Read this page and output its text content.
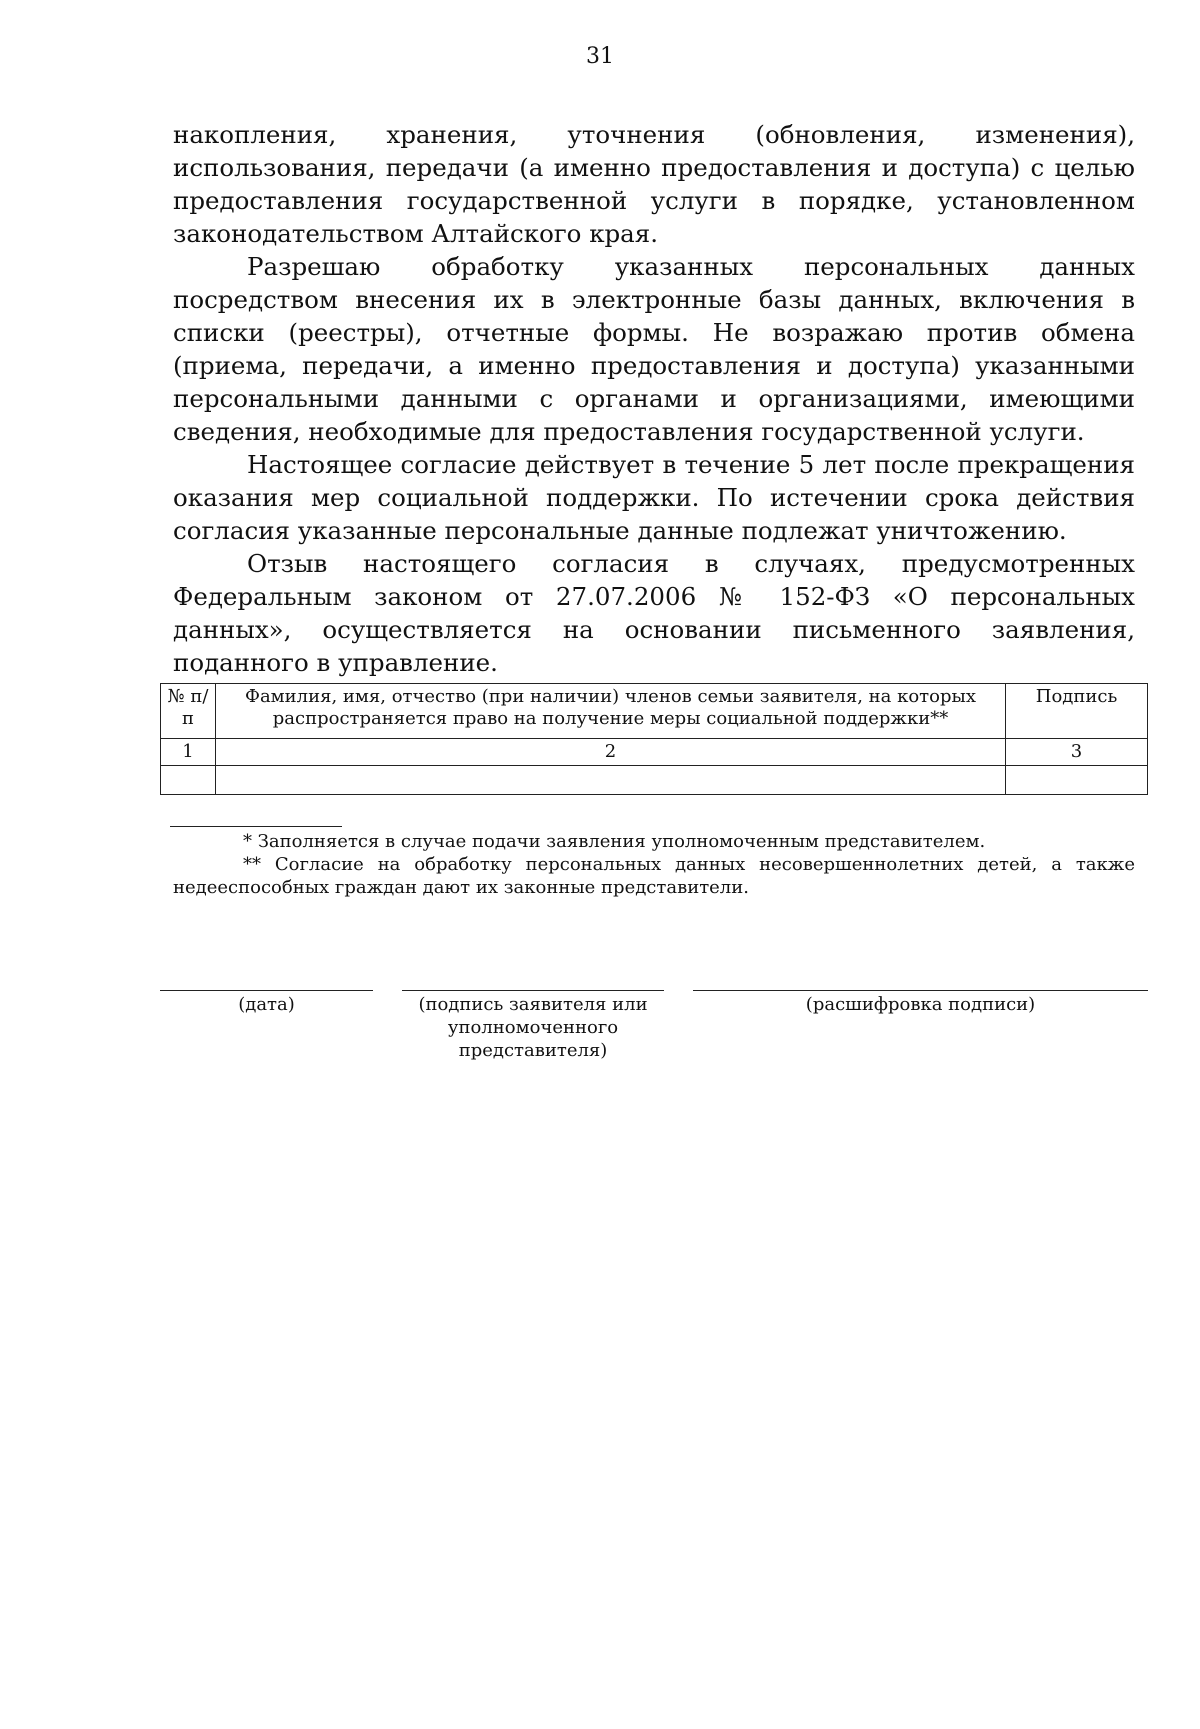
31

накопления, хранения, уточнения (обновления, изменения), использования, передачи (а именно предоставления и доступа) с целью предоставления государственной услуги в порядке, установленном законодательством Алтайского края.

Разрешаю обработку указанных персональных данных посредством внесения их в электронные базы данных, включения в списки (реестры), отчетные формы. Не возражаю против обмена (приема, передачи, а именно предоставления и доступа) указанными персональными данными с органами и организациями, имеющими сведения, необходимые для предоставления государственной услуги.

Настоящее согласие действует в течение 5 лет после прекращения оказания мер социальной поддержки. По истечении срока действия согласия указанные персональные данные подлежат уничтожению.

Отзыв настоящего согласия в случаях, предусмотренных Федеральным законом от 27.07.2006 № 152-ФЗ «О персональных данных», осуществляется на основании письменного заявления, поданного в управление.

№ п/п	Фамилия, имя, отчество (при наличии) членов семьи заявителя, на которых распространяется право на получение меры социальной поддержки**	Подпись
1	2	3

* Заполняется в случае подачи заявления уполномоченным представителем.

** Согласие на обработку персональных данных несовершеннолетних детей, а также недееспособных граждан дают их законные представители.

(дата)	(подпись заявителя или уполномоченного представителя)
(расшифровка подписи)
